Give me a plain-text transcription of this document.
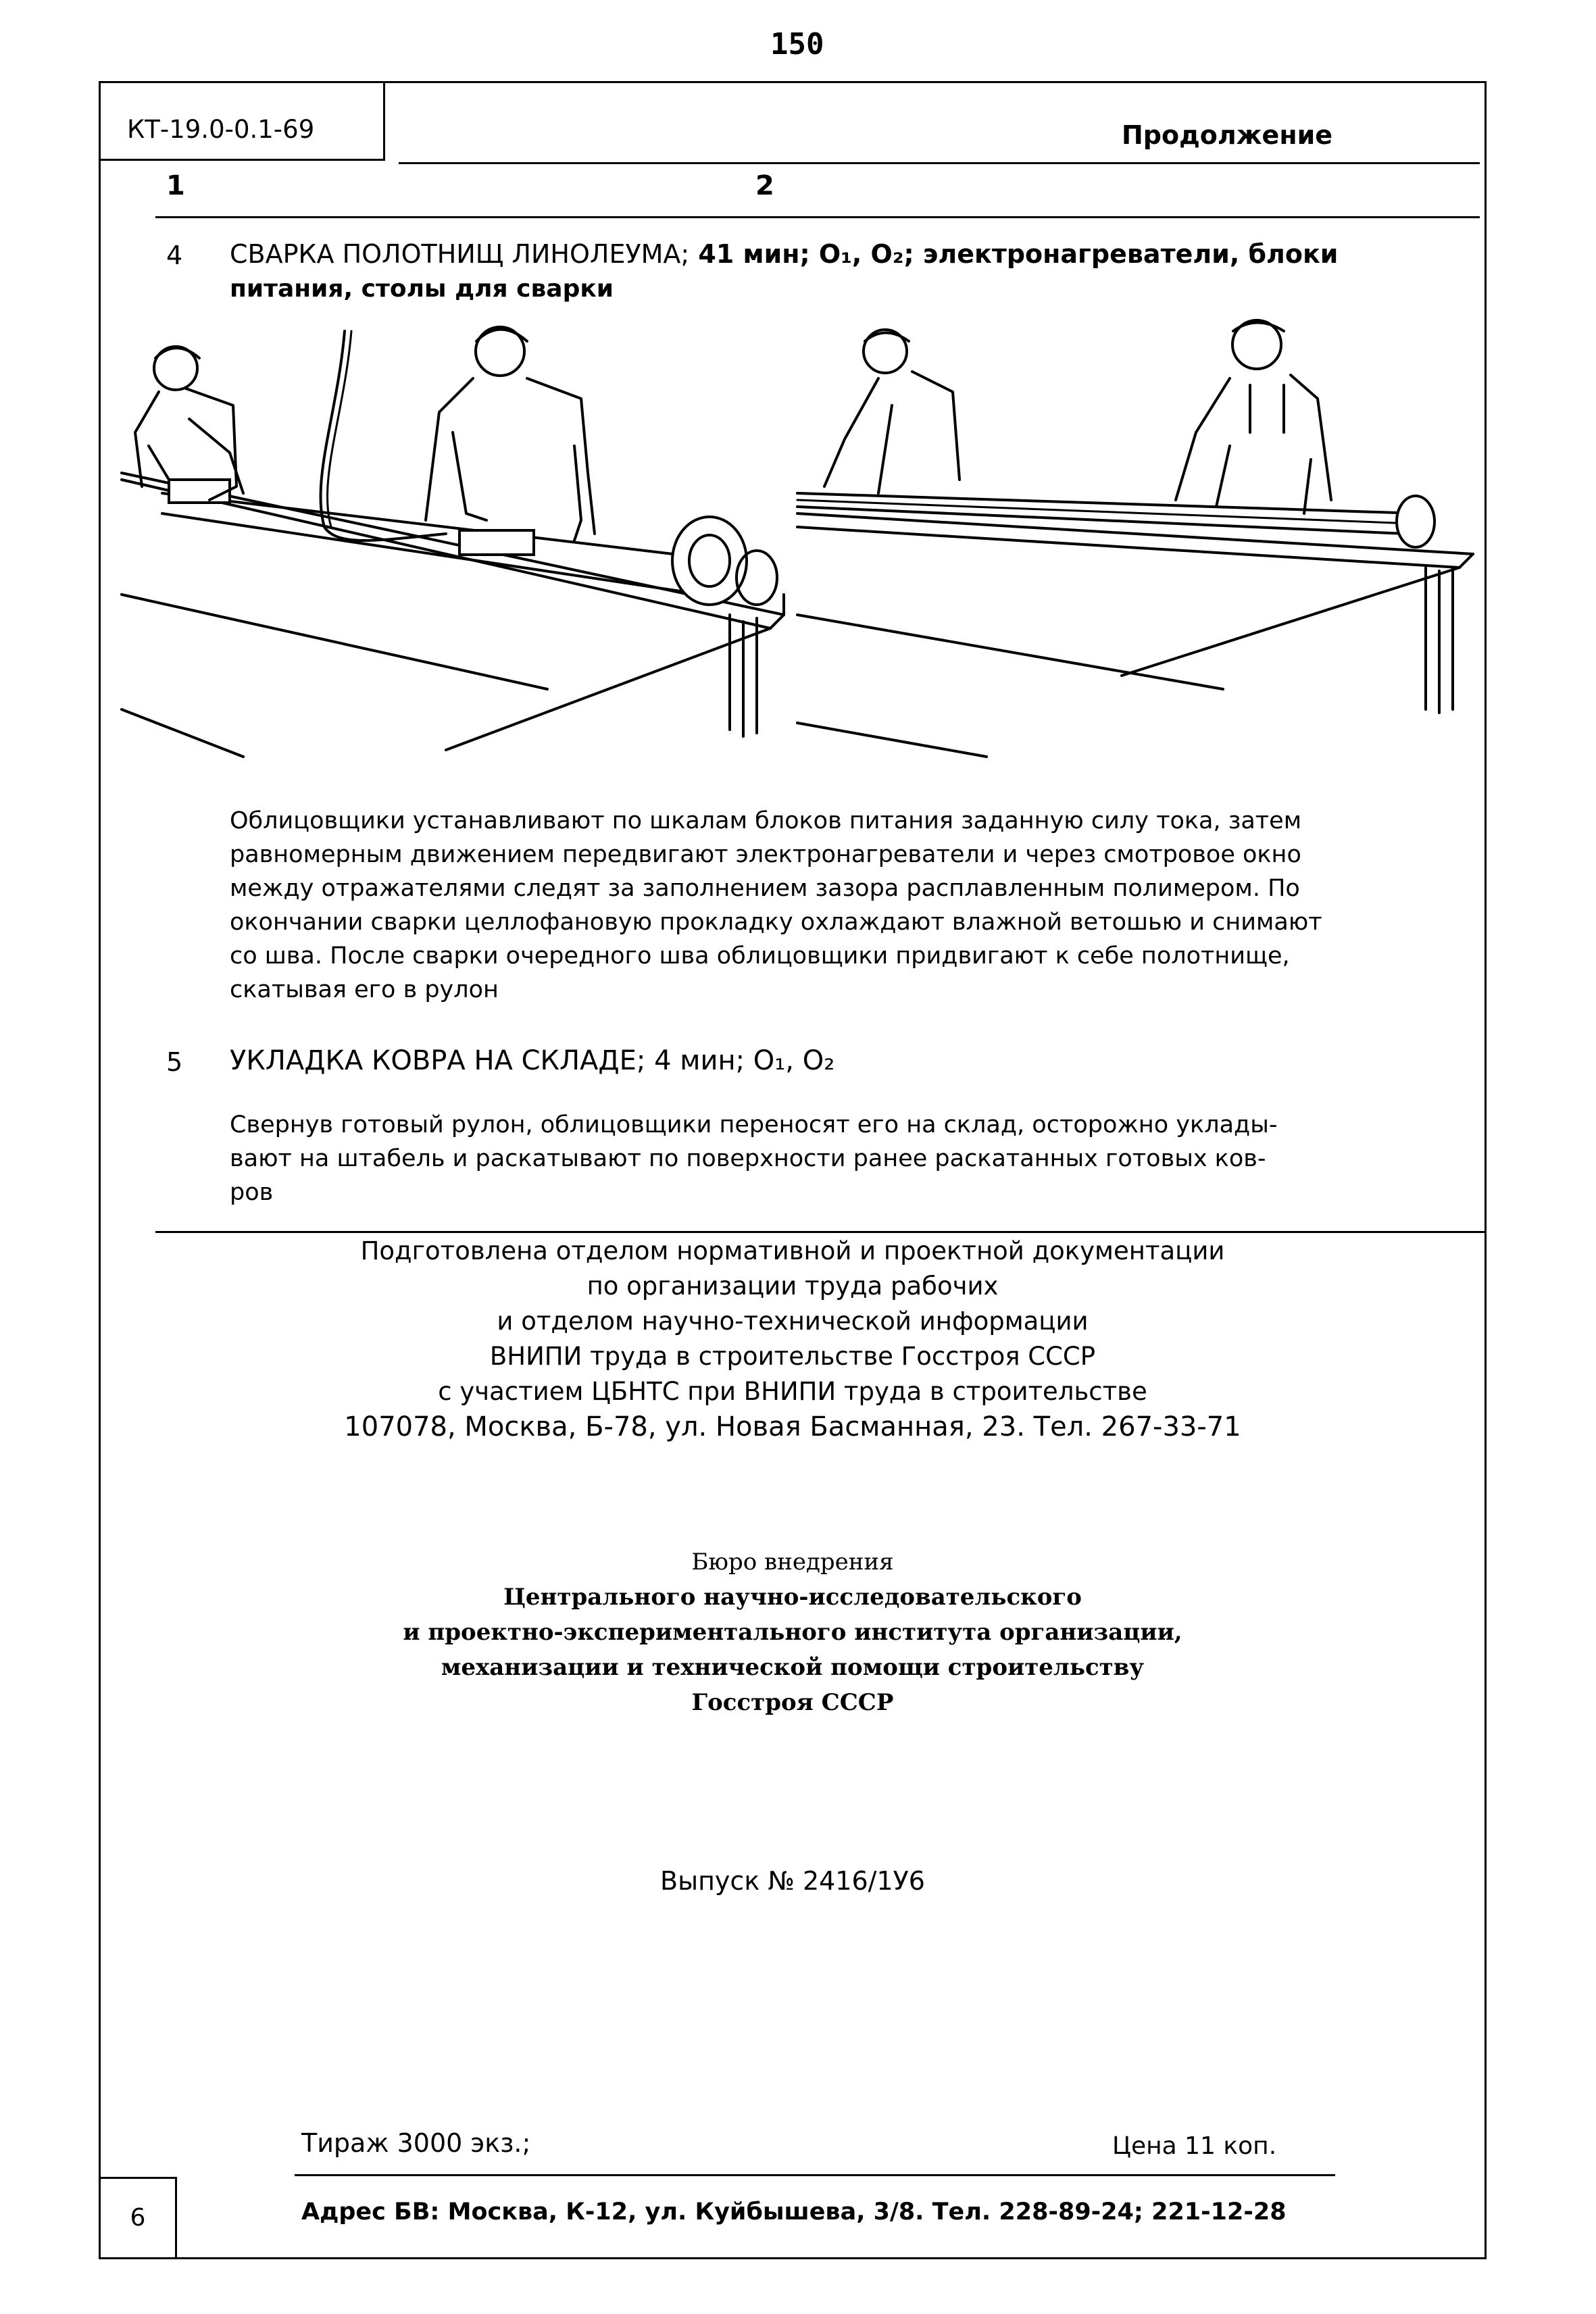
150
КТ-19.0-0.1-69	Продолжение
1	2
4 СВАРКА ПОЛОТНИЩ ЛИНОЛЕУМА; 41 мин; О₁, О₂; электронагреватели, блоки
питания, столы для сварки
Облицовщики устанавливают по шкалам блоков питания заданную силу тока, затем
равномерным движением передвигают электронагреватели и через смотровое окно
между отражателями следят за заполнением зазора расплавленным полимером. По
окончании сварки целлофановую прокладку охлаждают влажной ветошью и снимают
со шва. После сварки очередного шва облицовщики придвигают к себе полотнище,
скатывая его в рулон
5 УКЛАДКА КОВРА НА СКЛАДЕ; 4 мин; О₁, О₂
Свернув готовый рулон, облицовщики переносят его на склад, осторожно уклады-
вают на штабель и раскатывают по поверхности ранее раскатанных готовых ков-
ров
Подготовлена отделом нормативной и проектной документации
по организации труда рабочих
и отделом научно-технической информации
ВНИПИ труда в строительстве Госстроя СССР
с участием ЦБНТС при ВНИПИ труда в строительстве
107078, Москва, Б-78, ул. Новая Басманная, 23. Тел. 267-33-71
Бюро внедрения
Центрального научно-исследовательского
и проектно-экспериментального института организации,
механизации и технической помощи строительству
Госстроя СССР
Выпуск № 2416/1У6
Тираж 3000 экз.;	Цена 11 коп.
6	Адрес БВ: Москва, К-12, ул. Куйбышева, 3/8. Тел. 228-89-24; 221-12-28
